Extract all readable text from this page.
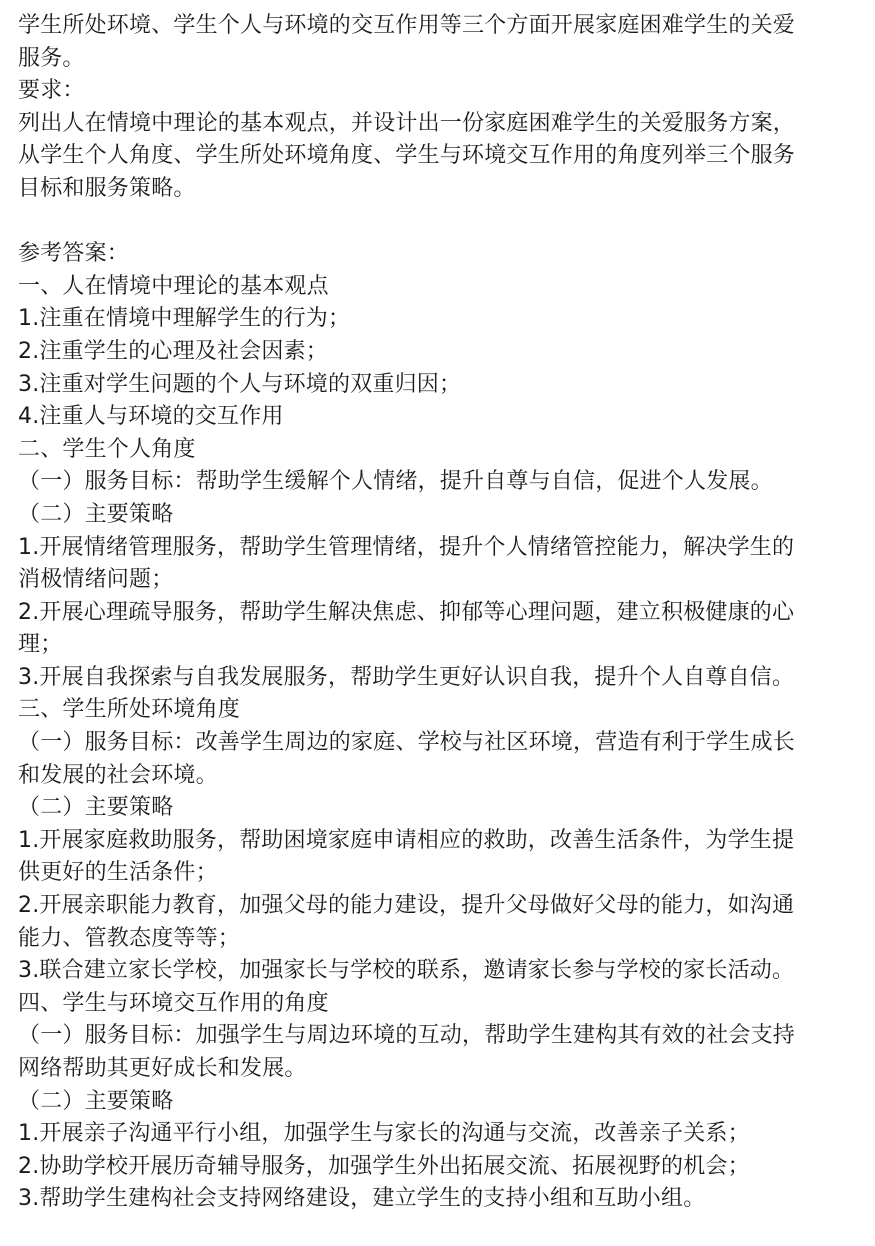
学生所处环境、学生个人与环境的交互作用等三个方面开展家庭困难学生的关爱
服务。
要求：
列出人在情境中理论的基本观点，并设计出一份家庭困难学生的关爱服务方案，
从学生个人角度、学生所处环境角度、学生与环境交互作用的角度列举三个服务
目标和服务策略。
参考答案：
一、人在情境中理论的基本观点
1.注重在情境中理解学生的行为；
2.注重学生的心理及社会因素；
3.注重对学生问题的个人与环境的双重归因；
4.注重人与环境的交互作用
二、学生个人角度
（一）服务目标：帮助学生缓解个人情绪，提升自尊与自信，促进个人发展。
（二）主要策略
1.开展情绪管理服务，帮助学生管理情绪，提升个人情绪管控能力，解决学生的
消极情绪问题；
2.开展心理疏导服务，帮助学生解决焦虑、抑郁等心理问题，建立积极健康的心
理；
3.开展自我探索与自我发展服务，帮助学生更好认识自我，提升个人自尊自信。
三、学生所处环境角度
（一）服务目标：改善学生周边的家庭、学校与社区环境，营造有利于学生成长
和发展的社会环境。
（二）主要策略
1.开展家庭救助服务，帮助困境家庭申请相应的救助，改善生活条件，为学生提
供更好的生活条件；
2.开展亲职能力教育，加强父母的能力建设，提升父母做好父母的能力，如沟通
能力、管教态度等等；
3.联合建立家长学校，加强家长与学校的联系，邀请家长参与学校的家长活动。
四、学生与环境交互作用的角度
（一）服务目标：加强学生与周边环境的互动，帮助学生建构其有效的社会支持
网络帮助其更好成长和发展。
（二）主要策略
1.开展亲子沟通平行小组，加强学生与家长的沟通与交流，改善亲子关系；
2.协助学校开展历奇辅导服务，加强学生外出拓展交流、拓展视野的机会；
3.帮助学生建构社会支持网络建设，建立学生的支持小组和互助小组。
